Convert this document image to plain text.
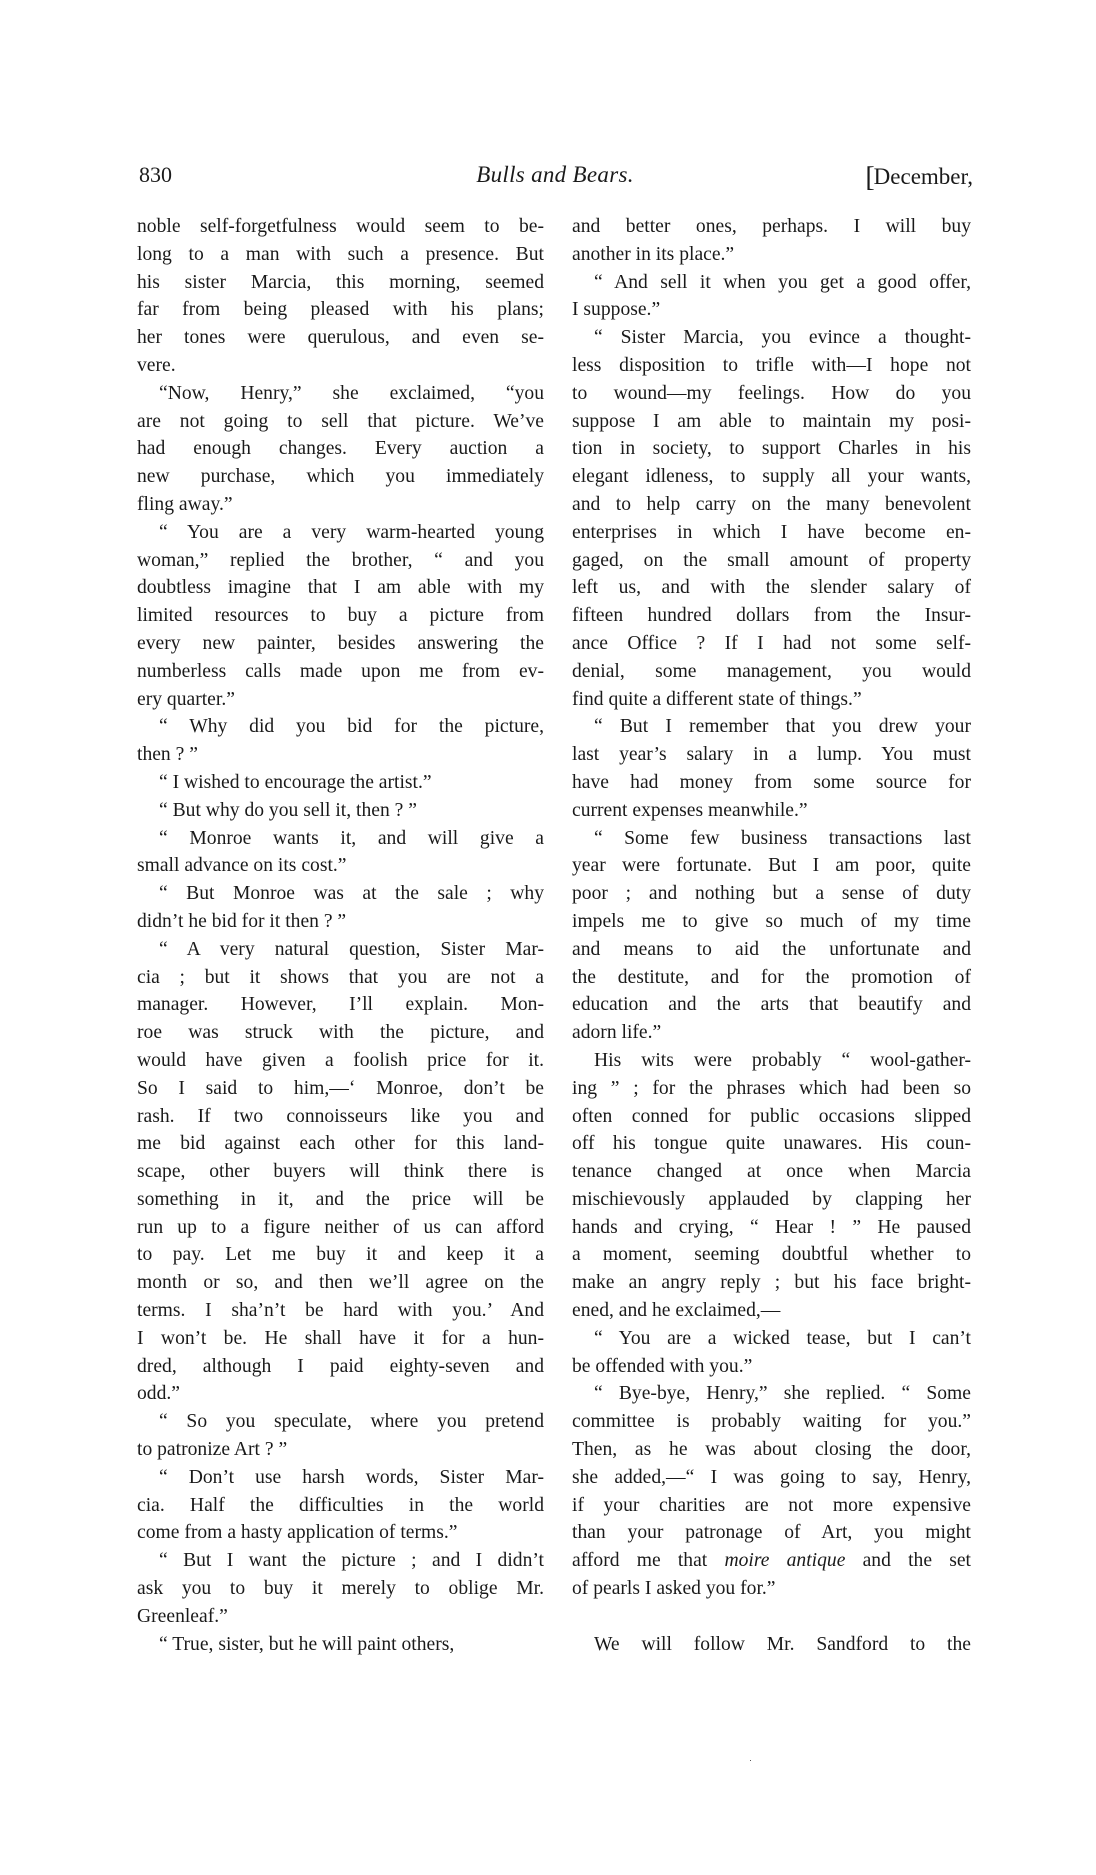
830	Bulls and Bears.	[December,
noble self-forgetfulness would seem to be-
long to a man with such a presence. But
his sister Marcia, this morning, seemed
far from being pleased with his plans;
her tones were querulous, and even se-
vere.
“Now, Henry,” she exclaimed, “you
are not going to sell that picture. We’ve
had enough changes. Every auction a
new purchase, which you immediately
fling away.”
“ You are a very warm-hearted young
woman,” replied the brother, “ and you
doubtless imagine that I am able with my
limited resources to buy a picture from
every new painter, besides answering the
numberless calls made upon me from ev-
ery quarter.”
“ Why did you bid for the picture,
then ? ”
“ I wished to encourage the artist.”
“ But why do you sell it, then ? ”
“ Monroe wants it, and will give a
small advance on its cost.”
“ But Monroe was at the sale ; why
didn’t he bid for it then ? ”
“ A very natural question, Sister Mar-
cia ; but it shows that you are not a
manager. However, I’ll explain. Mon-
roe was struck with the picture, and
would have given a foolish price for it.
So I said to him,—‘ Monroe, don’t be
rash. If two connoisseurs like you and
me bid against each other for this land-
scape, other buyers will think there is
something in it, and the price will be
run up to a figure neither of us can afford
to pay. Let me buy it and keep it a
month or so, and then we’ll agree on the
terms. I sha’n’t be hard with you.’ And
I won’t be. He shall have it for a hun-
dred, although I paid eighty-seven and
odd.”
“ So you speculate, where you pretend
to patronize Art ? ”
“ Don’t use harsh words, Sister Mar-
cia. Half the difficulties in the world
come from a hasty application of terms.”
“ But I want the picture ; and I didn’t
ask you to buy it merely to oblige Mr.
Greenleaf.”
“ True, sister, but he will paint others,
and better ones, perhaps. I will buy
another in its place.”
“ And sell it when you get a good offer,
I suppose.”
“ Sister Marcia, you evince a thought-
less disposition to trifle with—I hope not
to wound—my feelings. How do you
suppose I am able to maintain my posi-
tion in society, to support Charles in his
elegant idleness, to supply all your wants,
and to help carry on the many benevolent
enterprises in which I have become en-
gaged, on the small amount of property
left us, and with the slender salary of
fifteen hundred dollars from the Insur-
ance Office ? If I had not some self-
denial, some management, you would
find quite a different state of things.”
“ But I remember that you drew your
last year’s salary in a lump. You must
have had money from some source for
current expenses meanwhile.”
“ Some few business transactions last
year were fortunate. But I am poor, quite
poor ; and nothing but a sense of duty
impels me to give so much of my time
and means to aid the unfortunate and
the destitute, and for the promotion of
education and the arts that beautify and
adorn life.”
His wits were probably “ wool-gather-
ing ” ; for the phrases which had been so
often conned for public occasions slipped
off his tongue quite unawares. His coun-
tenance changed at once when Marcia
mischievously applauded by clapping her
hands and crying, “ Hear ! ” He paused
a moment, seeming doubtful whether to
make an angry reply ; but his face bright-
ened, and he exclaimed,—
“ You are a wicked tease, but I can’t
be offended with you.”
“ Bye-bye, Henry,” she replied. “ Some
committee is probably waiting for you.”
Then, as he was about closing the door,
she added,—“ I was going to say, Henry,
if your charities are not more expensive
than your patronage of Art, you might
afford me that moire antique and the set
of pearls I asked you for.”

We will follow Mr. Sandford to the
